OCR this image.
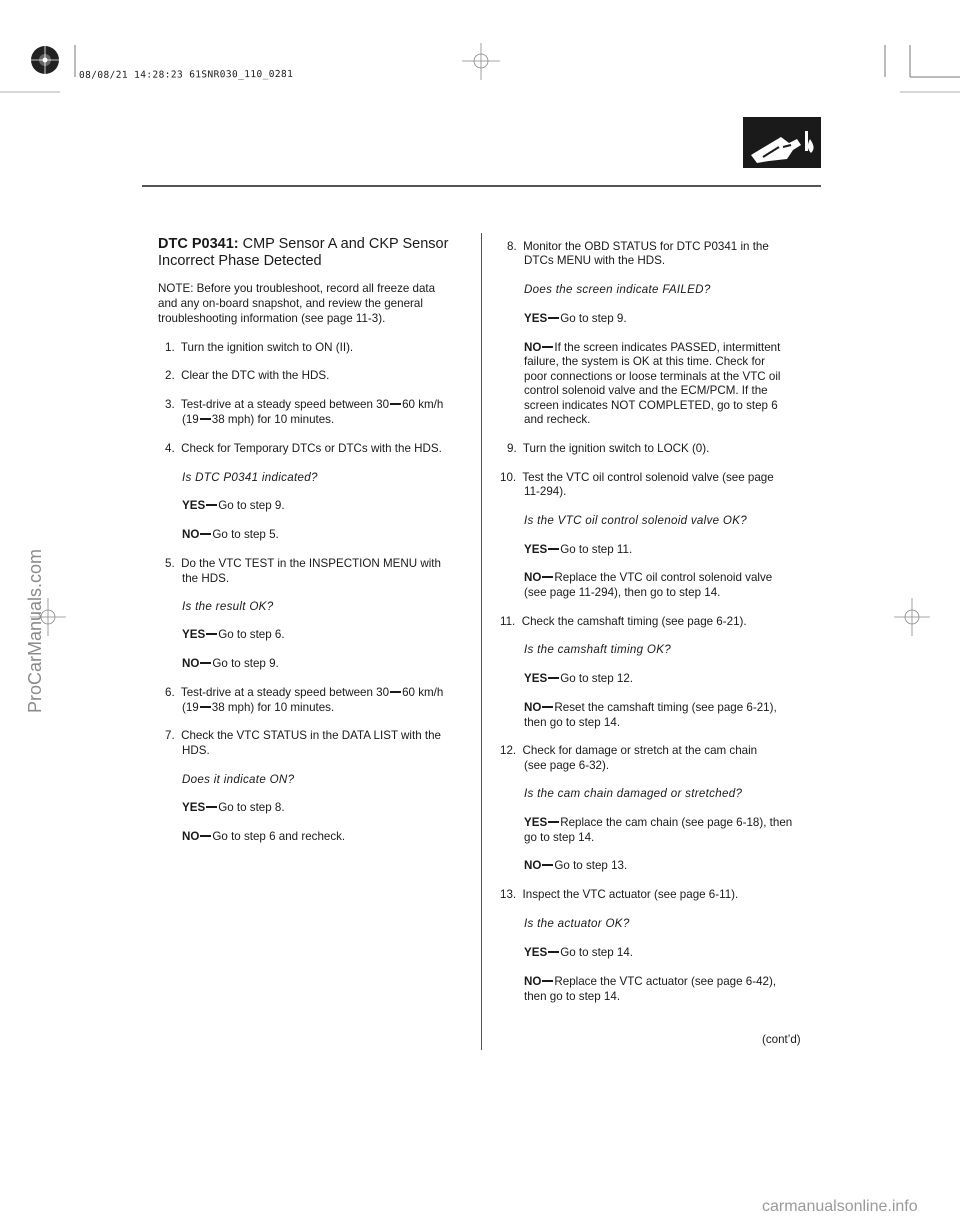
08/08/21 14:28:23 61SNR030_110_0281
ProCarManuals.com
DTC P0341: CMP Sensor A and CKP Sensor
Incorrect Phase Detected
NOTE: Before you troubleshoot, record all freeze data
and any on-board snapshot, and review the general
troubleshooting information (see page 11-3).
1.  Turn the ignition switch to ON (II).
2.  Clear the DTC with the HDS.
3.  Test-drive at a steady speed between 30 60 km/h
(19 38 mph) for 10 minutes.
4.  Check for Temporary DTCs or DTCs with the HDS.
Is DTC P0341 indicated?
YES Go to step 9.
NO Go to step 5.
5.  Do the VTC TEST in the INSPECTION MENU with
the HDS.
Is the result OK?
YES Go to step 6.
NO Go to step 9.
6.  Test-drive at a steady speed between 30 60 km/h
(19 38 mph) for 10 minutes.
7.  Check the VTC STATUS in the DATA LIST with the
HDS.
Does it indicate ON?
YES Go to step 8.
NO Go to step 6 and recheck.
8.  Monitor the OBD STATUS for DTC P0341 in the
DTCs MENU with the HDS.
Does the screen indicate FAILED?
YES Go to step 9.
NO If the screen indicates PASSED, intermittent
failure, the system is OK at this time. Check for
poor connections or loose terminals at the VTC oil
control solenoid valve and the ECM/PCM. If the
screen indicates NOT COMPLETED, go to step 6
and recheck.
9.  Turn the ignition switch to LOCK (0).
10.  Test the VTC oil control solenoid valve (see page
11-294).
Is the VTC oil control solenoid valve OK?
YES Go to step 11.
NO Replace the VTC oil control solenoid valve
(see page 11-294), then go to step 14.
11.  Check the camshaft timing (see page 6-21).
Is the camshaft timing OK?
YES Go to step 12.
NO Reset the camshaft timing (see page 6-21),
then go to step 14.
12.  Check for damage or stretch at the cam chain
(see page 6-32).
Is the cam chain damaged or stretched?
YES Replace the cam chain (see page 6-18), then
go to step 14.
NO Go to step 13.
13.  Inspect the VTC actuator (see page 6-11).
Is the actuator OK?
YES Go to step 14.
NO Replace the VTC actuator (see page 6-42),
then go to step 14.
(cont’d)
carmanualsonline.info
